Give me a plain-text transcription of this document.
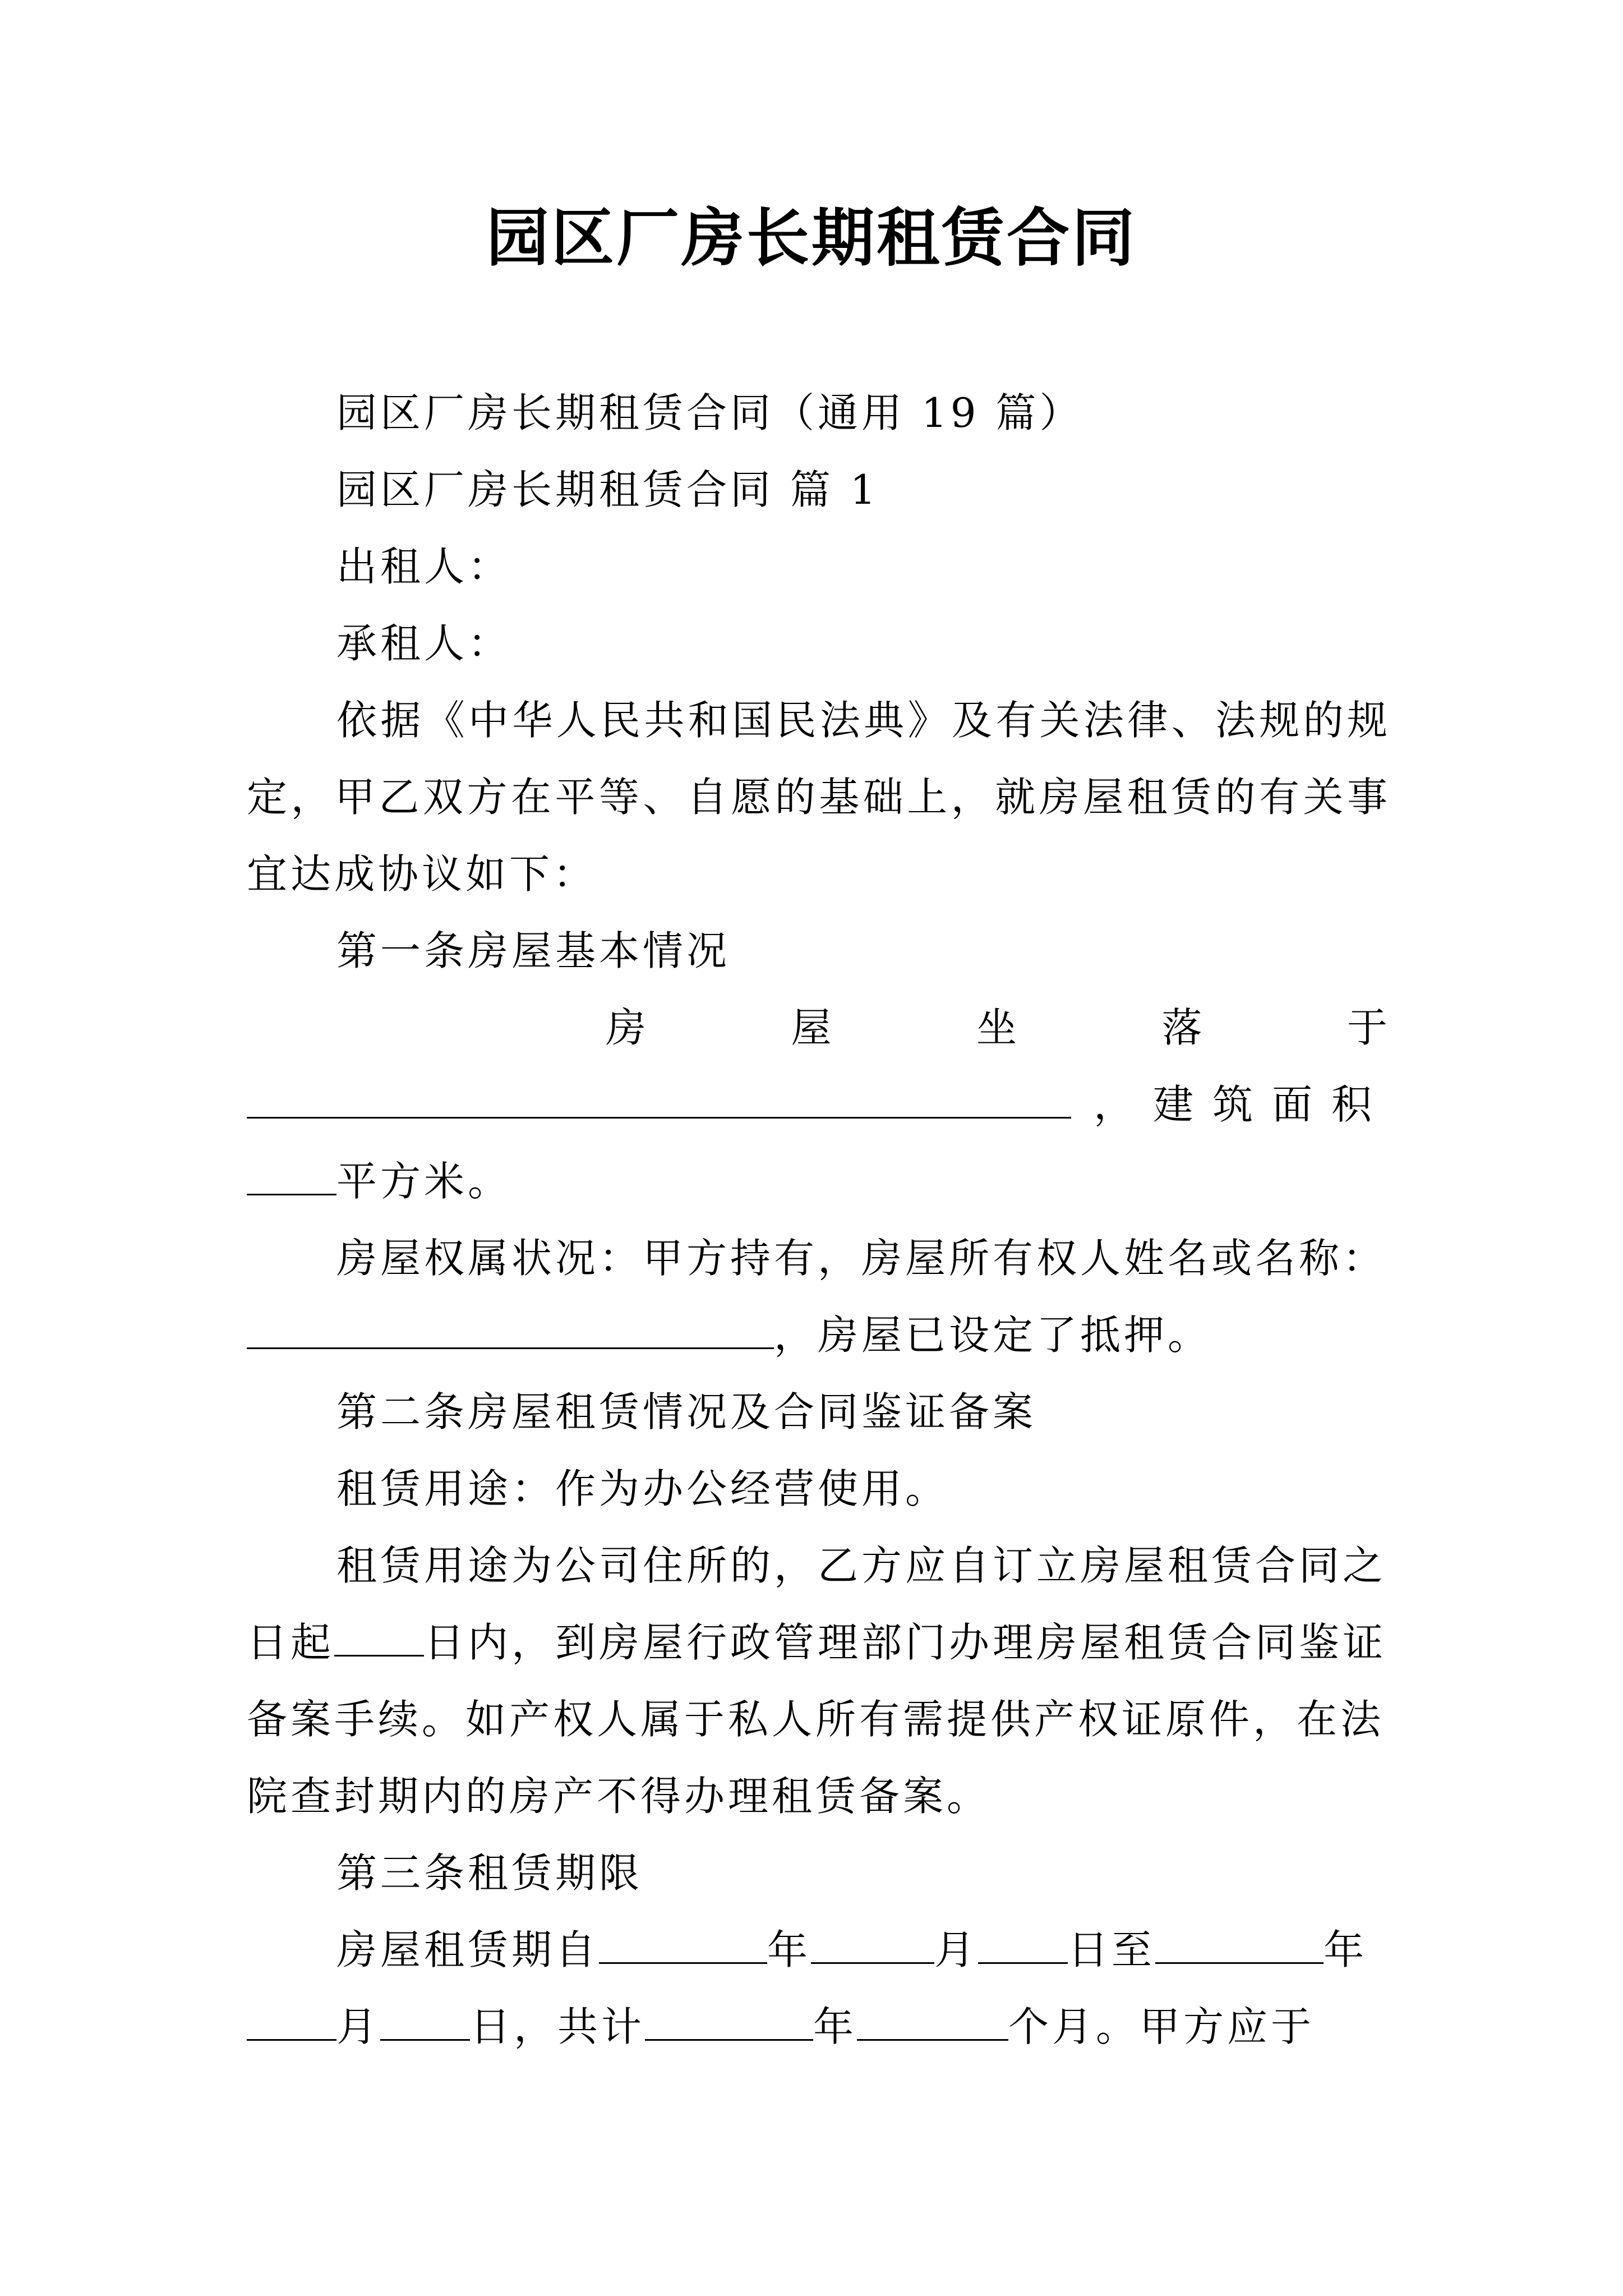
园区厂房长期租赁合同

园区厂房长期租赁合同（通用 19 篇）

园区厂房长期租赁合同 篇 1

出租人：

承租人：

依据《中华人民共和国民法典》及有关法律、法规的规定，甲乙双方在平等、自愿的基础上，就房屋租赁的有关事宜达成协议如下：

第一条房屋基本情况

房	屋	坐	落	于
，建筑面积
平方米。

房屋权属状况：甲方持有，房屋所有权人姓名或名称：

，房屋已设定了抵押。

第二条房屋租赁情况及合同鉴证备案

租赁用途：作为办公经营使用。

租赁用途为公司住所的，乙方应自订立房屋租赁合同之

日起 日内，到房屋行政管理部门办理房屋租赁合同鉴证
备案手续。如产权人属于私人所有需提供产权证原件，在法
院查封期内的房产不得办理租赁备案。

第三条租赁期限

房屋租赁期自	年	月 日至	年
月 日，共计	年	个月。甲方应于
